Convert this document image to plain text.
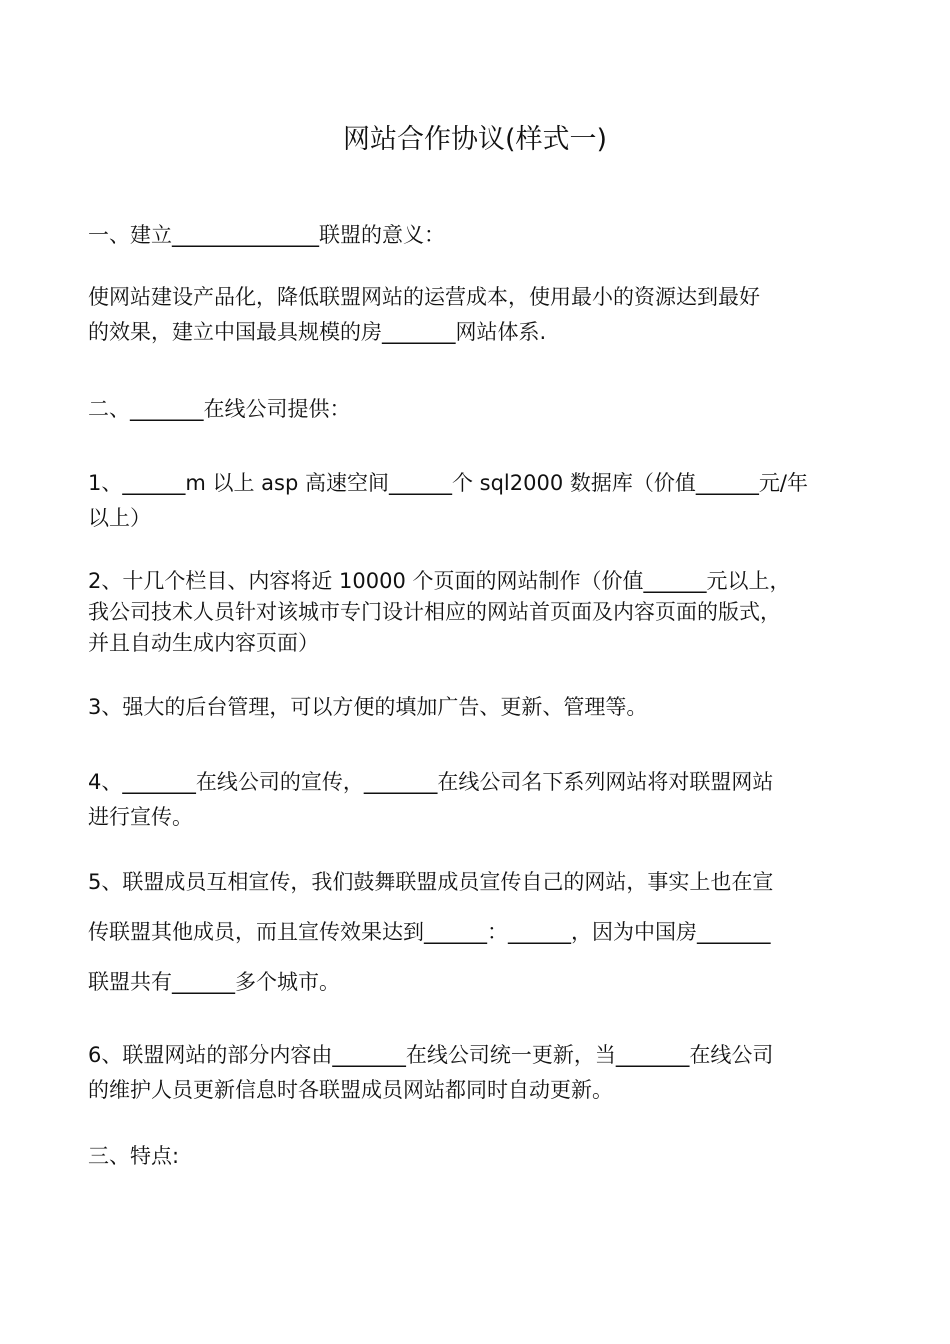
网站合作协议(样式一)

一、建立______________联盟的意义：

使网站建设产品化，降低联盟网站的运营成本，使用最小的资源达到最好
的效果，建立中国最具规模的房_______网站体系.

二、_______在线公司提供：

1、______m 以上 asp 高速空间______个 sql2000 数据库（价值______元/年
以上）

2、十几个栏目、内容将近 10000 个页面的网站制作（价值______元以上，
我公司技术人员针对该城市专门设计相应的网站首页面及内容页面的版式，
并且自动生成内容页面）

3、强大的后台管理，可以方便的填加广告、更新、管理等。

4、_______在线公司的宣传，_______在线公司名下系列网站将对联盟网站
进行宣传。

5、联盟成员互相宣传，我们鼓舞联盟成员宣传自己的网站，事实上也在宣
传联盟其他成员，而且宣传效果达到______：______，因为中国房_______
联盟共有______多个城市。

6、联盟网站的部分内容由_______在线公司统一更新，当_______在线公司
的维护人员更新信息时各联盟成员网站都同时自动更新。

三、特点:
